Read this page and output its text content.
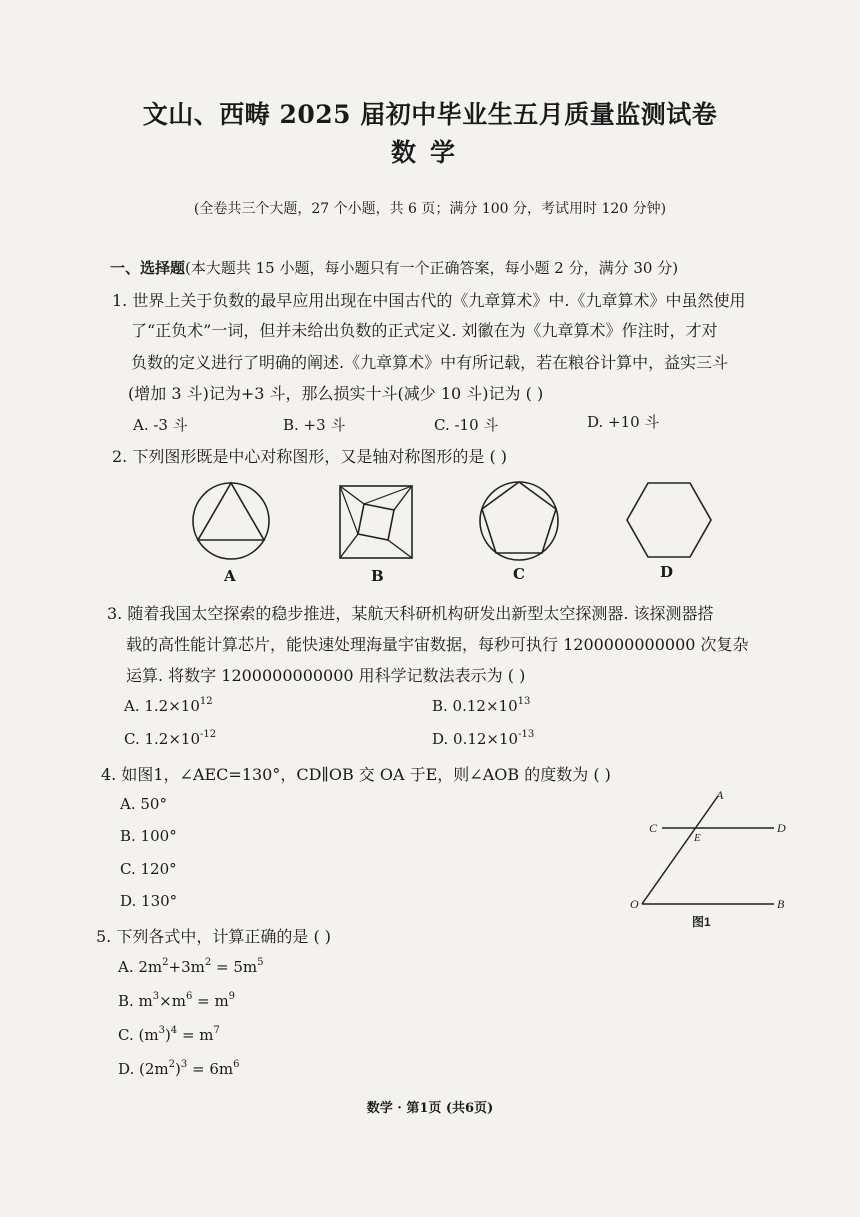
文山、西畴 2025 届初中毕业生五月质量监测试卷
数学
(全卷共三个大题，27 个小题，共 6 页；满分 100 分，考试用时 120 分钟)
一、选择题(本大题共 15 小题，每小题只有一个正确答案，每小题 2 分，满分 30 分)
1. 世界上关于负数的最早应用出现在中国古代的《九章算术》中.《九章算术》中虽然使用
了“正负术”一词，但并未给出负数的正式定义. 刘徽在为《九章算术》作注时，才对
负数的定义进行了明确的阐述.《九章算术》中有所记载，若在粮谷计算中，益实三斗
(增加 3 斗)记为+3 斗，那么损实十斗(减少 10 斗)记为 ( )
A. -3 斗	B. +3 斗	C. -10 斗	D. +10 斗
2. 下列图形既是中心对称图形，又是轴对称图形的是 ( )
A	B	C	D
3. 随着我国太空探索的稳步推进，某航天科研机构研发出新型太空探测器. 该探测器搭
载的高性能计算芯片，能快速处理海量宇宙数据，每秒可执行 1200000000000 次复杂
运算. 将数字 1200000000000 用科学记数法表示为 ( )
A. $1.2\times 10^{12}$	B. $0.12\times 10^{13}$
C. $1.2\times 10^{-12}$	D. $0.12\times 10^{-13}$
4. 如图1，∠AEC=130°，CD∥OB 交 OA 于E，则∠AOB 的度数为 ( )
A. 50°
B. 100°
C. 120°
D. 130°
A
C
E
D
O	B
图1
5. 下列各式中，计算正确的是 ( )
A. $2m^2+3m^2 = 5m^5$
B. $m^3\times m^6 = m^9$
C. $(m^3)^4 = m^7$
D. $(2m^2)^3 = 6m^6$
数学 · 第1页 (共6页)
